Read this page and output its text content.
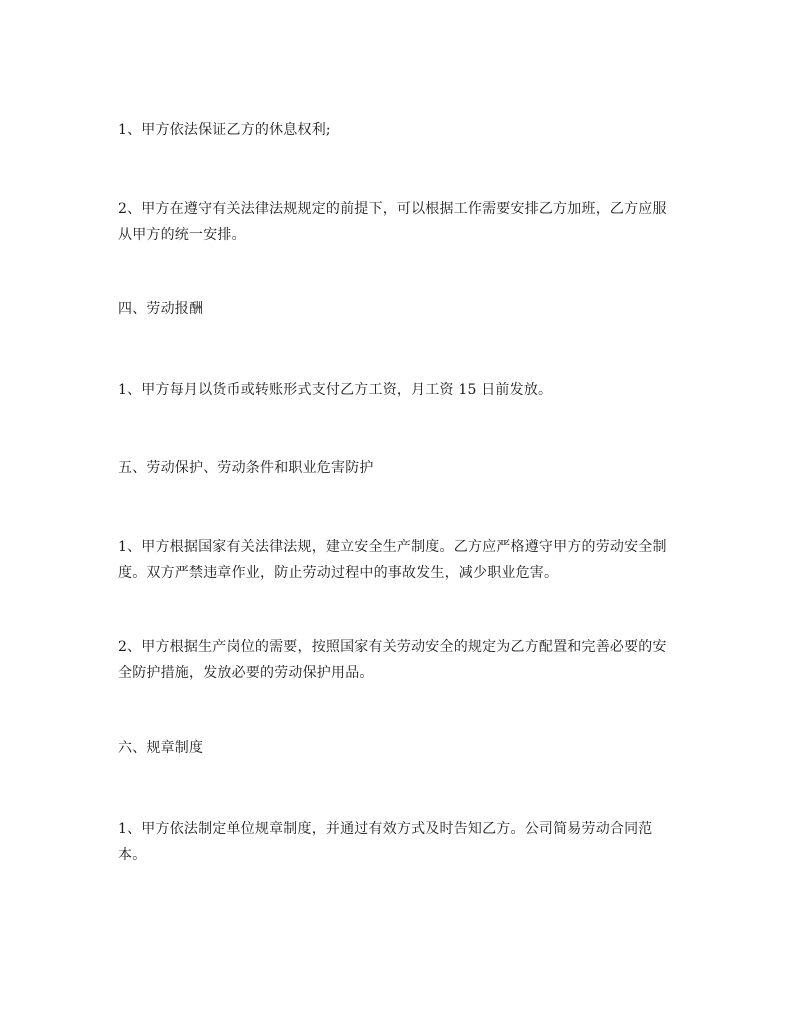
1、甲方依法保证乙方的休息权利;

2、甲方在遵守有关法律法规规定的前提下，可以根据工作需要安排乙方加班，乙方应服从甲方的统一安排。

四、劳动报酬

1、甲方每月以货币或转账形式支付乙方工资，月工资 15 日前发放。

五、劳动保护、劳动条件和职业危害防护

1、甲方根据国家有关法律法规，建立安全生产制度。乙方应严格遵守甲方的劳动安全制度。双方严禁违章作业，防止劳动过程中的事故发生，减少职业危害。

2、甲方根据生产岗位的需要，按照国家有关劳动安全的规定为乙方配置和完善必要的安全防护措施，发放必要的劳动保护用品。

六、规章制度

1、甲方依法制定单位规章制度，并通过有效方式及时告知乙方。公司简易劳动合同范本。
